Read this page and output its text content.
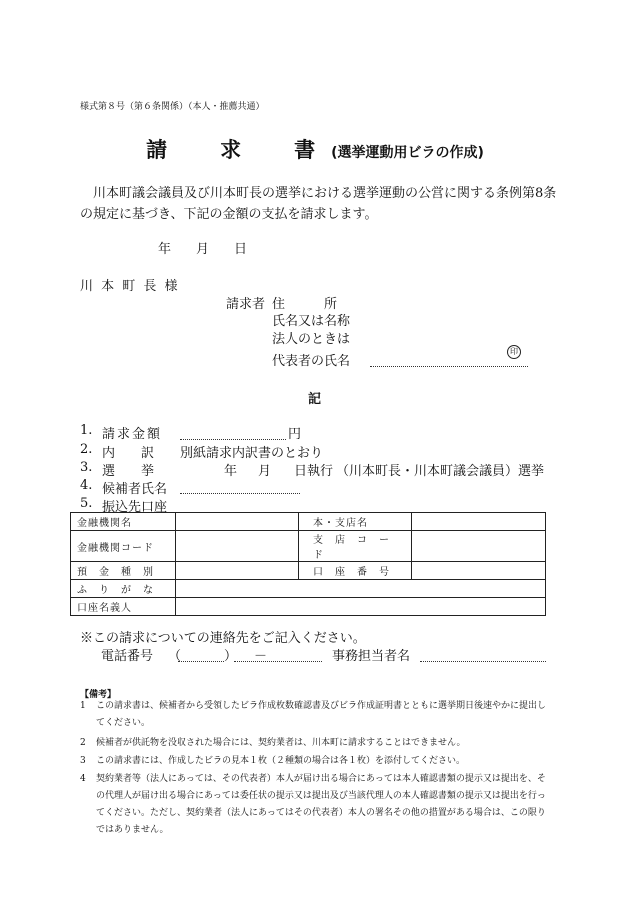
様式第８号（第６条関係）（本人・推薦共通）
請　求　書(選挙運動用ビラの作成)
川本町議会議員及び川本町長の選挙における選挙運動の公営に関する条例第8条の規定に基づき、下記の金額の支払を請求します。
年 月 日
川 本 町 長 様
請求者 住　　　所
氏名又は名称
法人のときは
代表者の氏名
印
記
1. 請求金額	円
2. 内　　訳 別紙請求内訳書のとおり
3. 選　　挙	年 月 日執行 （川本町長・川本町議会議員）選挙
4. 候補者氏名
5. 振込先口座
金融機関名		本・支店名	
金融機関コード		支　店　コ　ー　ド	
預　金　種　別		口　座　番　号	
ふ　り　が　な			
口座名義人			
※この請求についての連絡先をご記入ください。
電話番号 （	） －	事務担当者名
【備考】
1 この請求書は、候補者から受領したビラ作成枚数確認書及びビラ作成証明書とともに選挙期日後速やかに提出してください。
2 候補者が供託物を没収された場合には、契約業者は、川本町に請求することはできません。
3 この請求書には、作成したビラの見本１枚（２種類の場合は各１枚）を添付してください。
4 契約業者等（法人にあっては、その代表者）本人が届け出る場合にあっては本人確認書類の提示又は提出を、その代理人が届け出る場合にあっては委任状の提示又は提出及び当該代理人の本人確認書類の提示又は提出を行ってください。ただし、契約業者（法人にあってはその代表者）本人の署名その他の措置がある場合は、この限りではありません。
